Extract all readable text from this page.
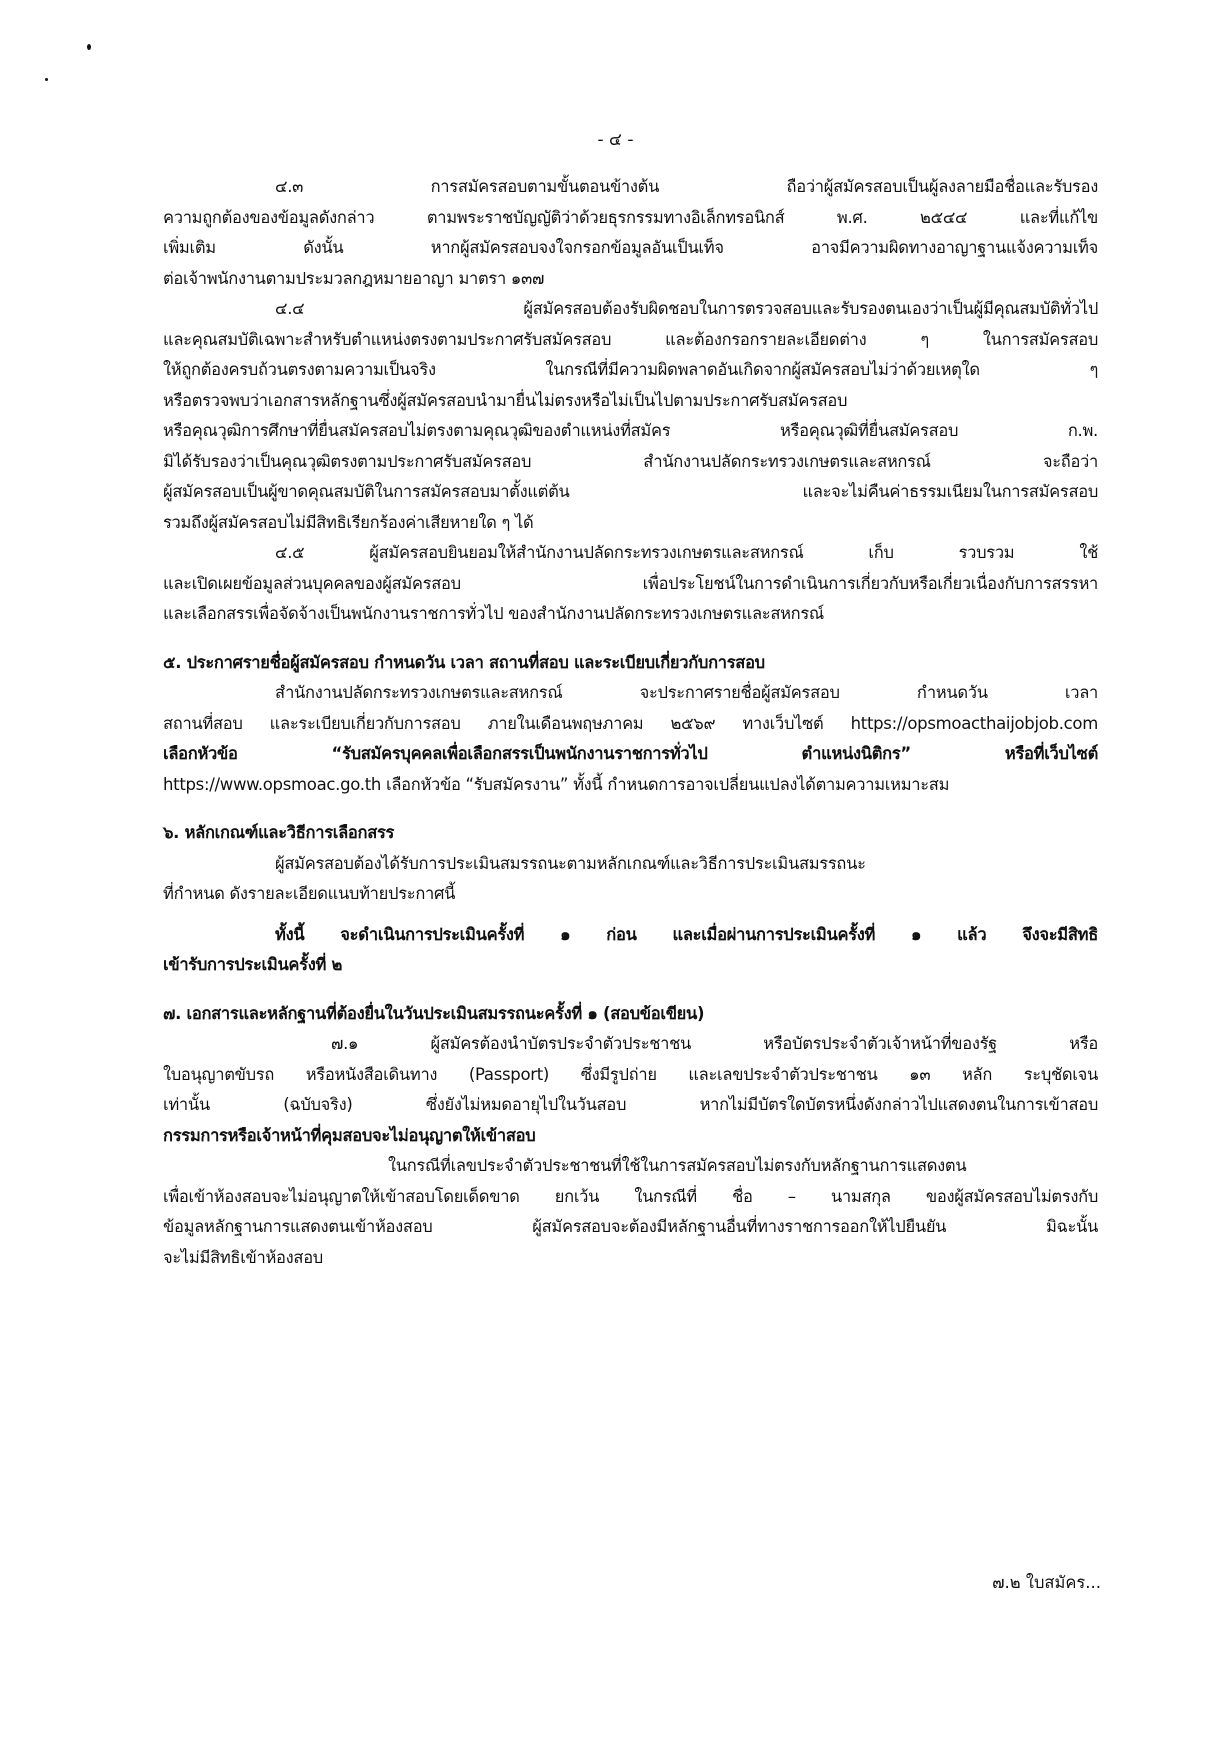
- ๔ -
๔.๓ การสมัครสอบตามขั้นตอนข้างต้น ถือว่าผู้สมัครสอบเป็นผู้ลงลายมือชื่อและรับรอง
ความถูกต้องของข้อมูลดังกล่าว ตามพระราชบัญญัติว่าด้วยธุรกรรมทางอิเล็กทรอนิกส์ พ.ศ. ๒๕๔๔ และที่แก้ไข
เพิ่มเติม ดังนั้น หากผู้สมัครสอบจงใจกรอกข้อมูลอันเป็นเท็จ อาจมีความผิดทางอาญาฐานแจ้งความเท็จ
ต่อเจ้าพนักงานตามประมวลกฎหมายอาญา มาตรา ๑๓๗
๔.๔ ผู้สมัครสอบต้องรับผิดชอบในการตรวจสอบและรับรองตนเองว่าเป็นผู้มีคุณสมบัติทั่วไป
และคุณสมบัติเฉพาะสำหรับตำแหน่งตรงตามประกาศรับสมัครสอบ และต้องกรอกรายละเอียดต่าง ๆ ในการสมัครสอบ
ให้ถูกต้องครบถ้วนตรงตามความเป็นจริง ในกรณีที่มีความผิดพลาดอันเกิดจากผู้สมัครสอบไม่ว่าด้วยเหตุใด ๆ
หรือตรวจพบว่าเอกสารหลักฐานซึ่งผู้สมัครสอบนำมายื่นไม่ตรงหรือไม่เป็นไปตามประกาศรับสมัครสอบ
หรือคุณวุฒิการศึกษาที่ยื่นสมัครสอบไม่ตรงตามคุณวุฒิของตำแหน่งที่สมัคร หรือคุณวุฒิที่ยื่นสมัครสอบ ก.พ.
มิได้รับรองว่าเป็นคุณวุฒิตรงตามประกาศรับสมัครสอบ สำนักงานปลัดกระทรวงเกษตรและสหกรณ์ จะถือว่า
ผู้สมัครสอบเป็นผู้ขาดคุณสมบัติในการสมัครสอบมาตั้งแต่ต้น และจะไม่คืนค่าธรรมเนียมในการสมัครสอบ
รวมถึงผู้สมัครสอบไม่มีสิทธิเรียกร้องค่าเสียหายใด ๆ ได้
๔.๕ ผู้สมัครสอบยินยอมให้สำนักงานปลัดกระทรวงเกษตรและสหกรณ์ เก็บ รวบรวม ใช้
และเปิดเผยข้อมูลส่วนบุคคลของผู้สมัครสอบ เพื่อประโยชน์ในการดำเนินการเกี่ยวกับหรือเกี่ยวเนื่องกับการสรรหา
และเลือกสรรเพื่อจัดจ้างเป็นพนักงานราชการทั่วไป ของสำนักงานปลัดกระทรวงเกษตรและสหกรณ์
๕. ประกาศรายชื่อผู้สมัครสอบ กำหนดวัน เวลา สถานที่สอบ และระเบียบเกี่ยวกับการสอบ
สำนักงานปลัดกระทรวงเกษตรและสหกรณ์ จะประกาศรายชื่อผู้สมัครสอบ กำหนดวัน เวลา
สถานที่สอบ และระเบียบเกี่ยวกับการสอบ ภายในเดือนพฤษภาคม ๒๕๖๙ ทางเว็บไซต์ https://opsmoacthaijobjob.com
เลือกหัวข้อ “รับสมัครบุคคลเพื่อเลือกสรรเป็นพนักงานราชการทั่วไป ตำแหน่งนิติกร” หรือที่เว็บไซต์
https://www.opsmoac.go.th เลือกหัวข้อ “รับสมัครงาน” ทั้งนี้ กำหนดการอาจเปลี่ยนแปลงได้ตามความเหมาะสม
๖. หลักเกณฑ์และวิธีการเลือกสรร
ผู้สมัครสอบต้องได้รับการประเมินสมรรถนะตามหลักเกณฑ์และวิธีการประเมินสมรรถนะ
ที่กำหนด ดังรายละเอียดแนบท้ายประกาศนี้
ทั้งนี้ จะดำเนินการประเมินครั้งที่ ๑ ก่อน และเมื่อผ่านการประเมินครั้งที่ ๑ แล้ว จึงจะมีสิทธิ
เข้ารับการประเมินครั้งที่ ๒
๗. เอกสารและหลักฐานที่ต้องยื่นในวันประเมินสมรรถนะครั้งที่ ๑ (สอบข้อเขียน)
๗.๑ ผู้สมัครต้องนำบัตรประจำตัวประชาชน หรือบัตรประจำตัวเจ้าหน้าที่ของรัฐ หรือ
ใบอนุญาตขับรถ หรือหนังสือเดินทาง (Passport) ซึ่งมีรูปถ่าย และเลขประจำตัวประชาชน ๑๓ หลัก ระบุชัดเจน
เท่านั้น (ฉบับจริง) ซึ่งยังไม่หมดอายุไปในวันสอบ หากไม่มีบัตรใดบัตรหนึ่งดังกล่าวไปแสดงตนในการเข้าสอบ
กรรมการหรือเจ้าหน้าที่คุมสอบจะไม่อนุญาตให้เข้าสอบ
ในกรณีที่เลขประจำตัวประชาชนที่ใช้ในการสมัครสอบไม่ตรงกับหลักฐานการแสดงตน
เพื่อเข้าห้องสอบจะไม่อนุญาตให้เข้าสอบโดยเด็ดขาด ยกเว้น ในกรณีที่ ชื่อ – นามสกุล ของผู้สมัครสอบไม่ตรงกับ
ข้อมูลหลักฐานการแสดงตนเข้าห้องสอบ ผู้สมัครสอบจะต้องมีหลักฐานอื่นที่ทางราชการออกให้ไปยืนยัน มิฉะนั้น
จะไม่มีสิทธิเข้าห้องสอบ
๗.๒ ใบสมัคร...
